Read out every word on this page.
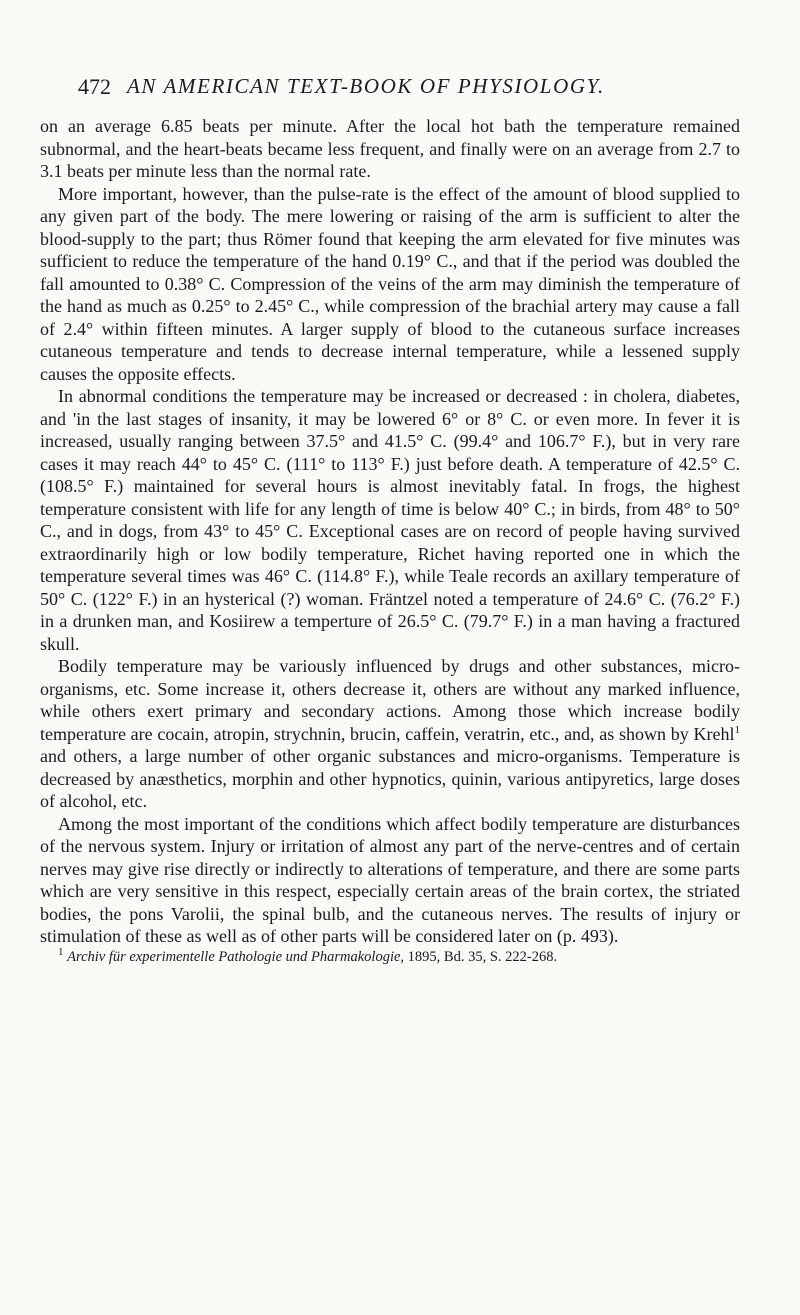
472 AN AMERICAN TEXT-BOOK OF PHYSIOLOGY.

on an average 6.85 beats per minute. After the local hot bath the temperature remained subnormal, and the heart-beats became less frequent, and finally were on an average from 2.7 to 3.1 beats per minute less than the normal rate.

More important, however, than the pulse-rate is the effect of the amount of blood supplied to any given part of the body. The mere lowering or raising of the arm is sufficient to alter the blood-supply to the part; thus Römer found that keeping the arm elevated for five minutes was sufficient to reduce the temperature of the hand 0.19° C., and that if the period was doubled the fall amounted to 0.38° C. Compression of the veins of the arm may diminish the temperature of the hand as much as 0.25° to 2.45° C., while compression of the brachial artery may cause a fall of 2.4° within fifteen minutes. A larger supply of blood to the cutaneous surface increases cutaneous temperature and tends to decrease internal temperature, while a lessened supply causes the opposite effects.

In abnormal conditions the temperature may be increased or decreased : in cholera, diabetes, and 'in the last stages of insanity, it may be lowered 6° or 8° C. or even more. In fever it is increased, usually ranging between 37.5° and 41.5° C. (99.4° and 106.7° F.), but in very rare cases it may reach 44° to 45° C. (111° to 113° F.) just before death. A temperature of 42.5° C. (108.5° F.) maintained for several hours is almost inevitably fatal. In frogs, the highest temperature consistent with life for any length of time is below 40° C.; in birds, from 48° to 50° C., and in dogs, from 43° to 45° C. Exceptional cases are on record of people having survived extraordinarily high or low bodily temperature, Richet having reported one in which the temperature several times was 46° C. (114.8° F.), while Teale records an axillary temperature of 50° C. (122° F.) in an hysterical (?) woman. Fräntzel noted a temperature of 24.6° C. (76.2° F.) in a drunken man, and Kosiirew a temperture of 26.5° C. (79.7° F.) in a man having a fractured skull.

Bodily temperature may be variously influenced by drugs and other substances, micro-organisms, etc. Some increase it, others decrease it, others are without any marked influence, while others exert primary and secondary actions. Among those which increase bodily temperature are cocain, atropin, strychnin, brucin, caffein, veratrin, etc., and, as shown by Krehl$^1$ and others, a large number of other organic substances and micro-organisms. Temperature is decreased by anæsthetics, morphin and other hypnotics, quinin, various antipyretics, large doses of alcohol, etc.

Among the most important of the conditions which affect bodily temperature are disturbances of the nervous system. Injury or irritation of almost any part of the nerve-centres and of certain nerves may give rise directly or indirectly to alterations of temperature, and there are some parts which are very sensitive in this respect, especially certain areas of the brain cortex, the striated bodies, the pons Varolii, the spinal bulb, and the cutaneous nerves. The results of injury or stimulation of these as well as of other parts will be considered later on (p. 493).

$^1$ Archiv für experimentelle Pathologie und Pharmakologie, 1895, Bd. 35, S. 222-268.
